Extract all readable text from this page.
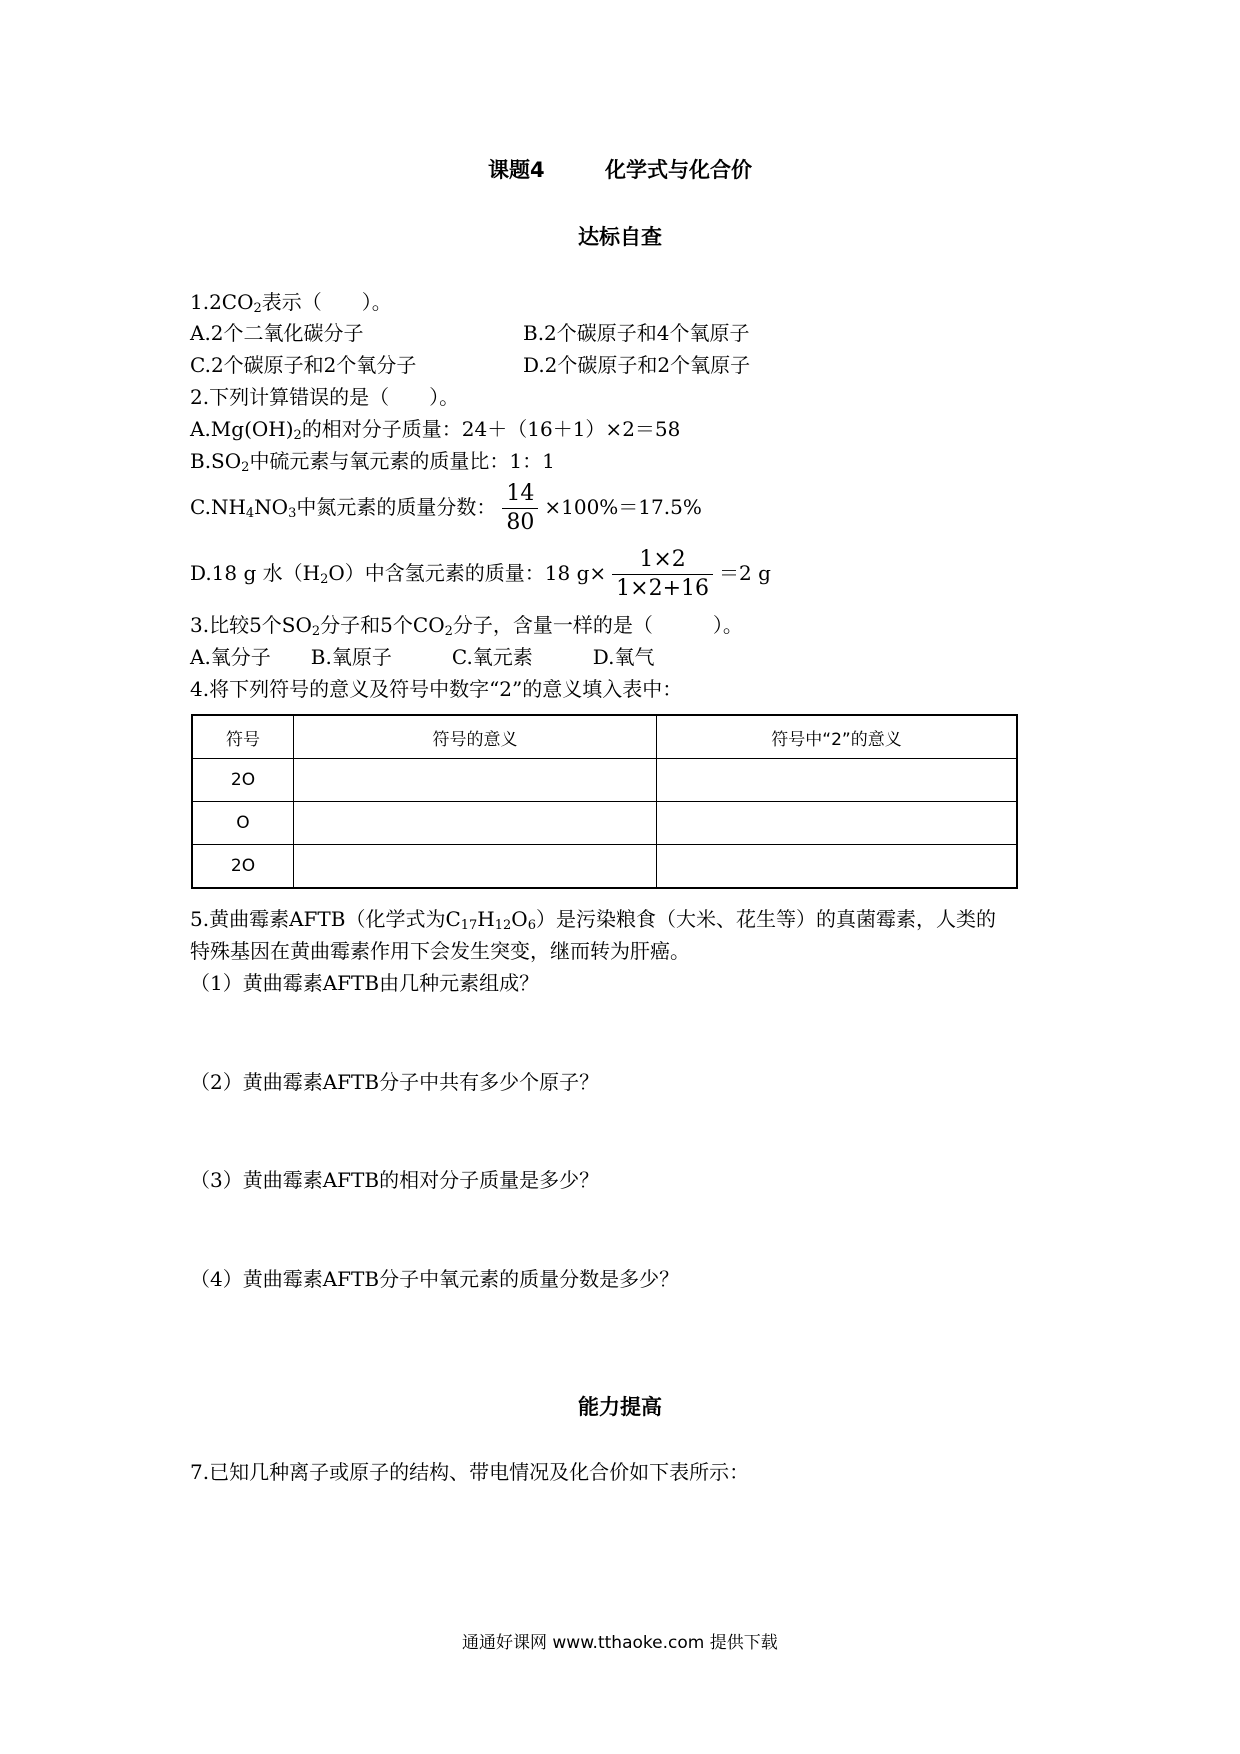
课题4	化学式与化合价
达标自查
$1.2CO_2$表示（　　）。
A.2个二氧化碳分子	B.2个碳原子和4个氧原子
C.2个碳原子和2个氧分子	D.2个碳原子和2个氧原子
2.下列计算错误的是（　　）。
$A.Mg(OH)_2$的相对分子质量：24＋（16＋1）×2＝58
$B.SO_2$中硫元素与氧元素的质量比：1：1
$C.NH_4NO_3$中氮元素的质量分数： $\frac{14}{80} \times 100\%=17.5\%$
D.18 g 水$(H_2O)$中含氢元素的质量：18 $g\times \frac{1\times 2}{1\times 2+16} =2$ g
3.比较5个$SO_2$分子和5个$CO_2$分子，含量一样的是（　　　）。
A.氧分子　　B.氧原子　　　C.氧元素　　　D.氧气
4.将下列符号的意义及符号中数字“2”的意义填入表中：
符号	符号的意义	符号中“2”的意义
2O		
O		
2O		
5.黄曲霉素AFTB（化学式为$C_{17}H_{12}O_6$）是污染粮食（大米、花生等）的真菌霉素，人类的
特殊基因在黄曲霉素作用下会发生突变，继而转为肝癌。
（1）黄曲霉素AFTB由几种元素组成？
（2）黄曲霉素AFTB分子中共有多少个原子？
（3）黄曲霉素AFTB的相对分子质量是多少？
（4）黄曲霉素AFTB分子中氧元素的质量分数是多少？
能力提高
7.已知几种离子或原子的结构、带电情况及化合价如下表所示：
通通好课网 www.tthaoke.com 提供下载
